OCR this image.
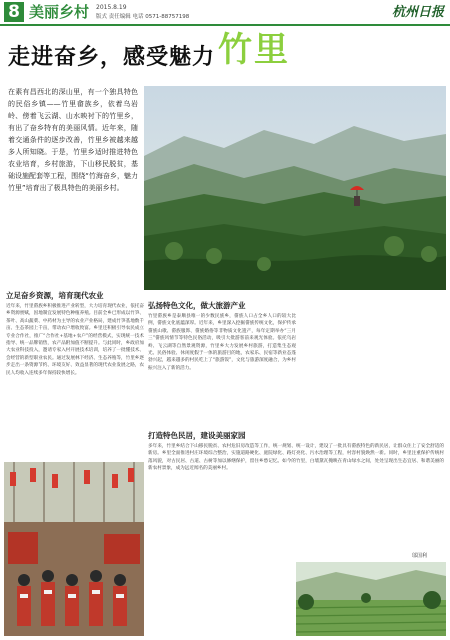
8 美丽乡村 2015.8.19
版式 责任编辑 电话 0571-88757198	杭州日报
走进奋乡，感受魅力 竹里
在素有昌西北的深山里，有一个独具特色的民俗乡镇——竹里畲族乡，依着乌岩岭、傍着飞云湖、山水映衬下的竹里乡，有出了奋乡特有的美丽风情。近年来，随着交通条件的逐步改善，竹里乡被越来越多人所知晓。于是，竹里乡适时推进特色农业培育，乡村旅游，下山移民脱贫，基础设施配套等工程，围绕“竹海奋乡，魅力竹里”培育出了极具特色的美丽乡村。
立足奋乡资源，培育现代农业
近年来，竹里畲族乡积极推进产业转型，大力培育现代农业，依托奋乡资源禀赋，因地制宜发展特色种植养殖。目前全乡已形成以竹笋、茶叶、高山蔬菜、中药材为主导的农业产业格局，建成竹笋基地数千亩、生态茶园上千亩，带动农户增收致富。乡里还积极引导农民成立专业合作社，推广“合作社+基地+农户”的经营模式，实现统一技术指导、统一品牌销售，农产品附加值不断提升。与此同时，乡政府加大农业科技投入，邀请专家入村开展技术培训，培养了一批懂技术、会经营的新型职业农民。通过发展林下经济、生态养殖等，竹里乡逐步走出一条资源节约、环境友好、效益显著的现代农业发展之路，农民人均收入连续多年保持较快增长。
弘扬特色文化，做大旅游产业
竹里畲族乡是泰顺县唯一的少数民族乡，畲族人口占全乡人口的较大比例，畲族文化底蕴深厚。近年来，乡里深入挖掘畲族传统文化，保护传承畲族山歌、畲族服饰、畲族婚俗等非物质文化遗产，每年定期举办“三月三”畲族风情节等特色民俗活动，吸引大批游客前来观光体验。依托乌岩岭、飞云湖等自然景观资源，竹里乡大力发展乡村旅游，打造集生态观光、民俗体验、休闲度假于一体的旅游目的地，农家乐、民宿等新业态蓬勃兴起，越来越多的村民吃上了“旅游饭”，文化与旅游深度融合，为乡村振兴注入了新的活力。
打造特色民居，建设美丽家园
多年来，竹里乡结合下山移民脱贫、农村危旧房改造等工作，统一规划、统一设计，建设了一批具有畲族特色的新民居，让群众住上了安全舒适的新房。乡里全面推进村庄环境综合整治，实施道路硬化、庭院绿化、路灯亮化、污水治理等工程，村容村貌焕然一新。同时，乡里注重保护传统村落风貌，对古民居、古道、古树等加以修缮保护，留住乡愁记忆。如今的竹里，白墙黛瓦掩映在青山绿水之间，处处呈现出生态宜居、和谐美丽的新农村景象，成为远近闻名的美丽乡村。
邬国利
